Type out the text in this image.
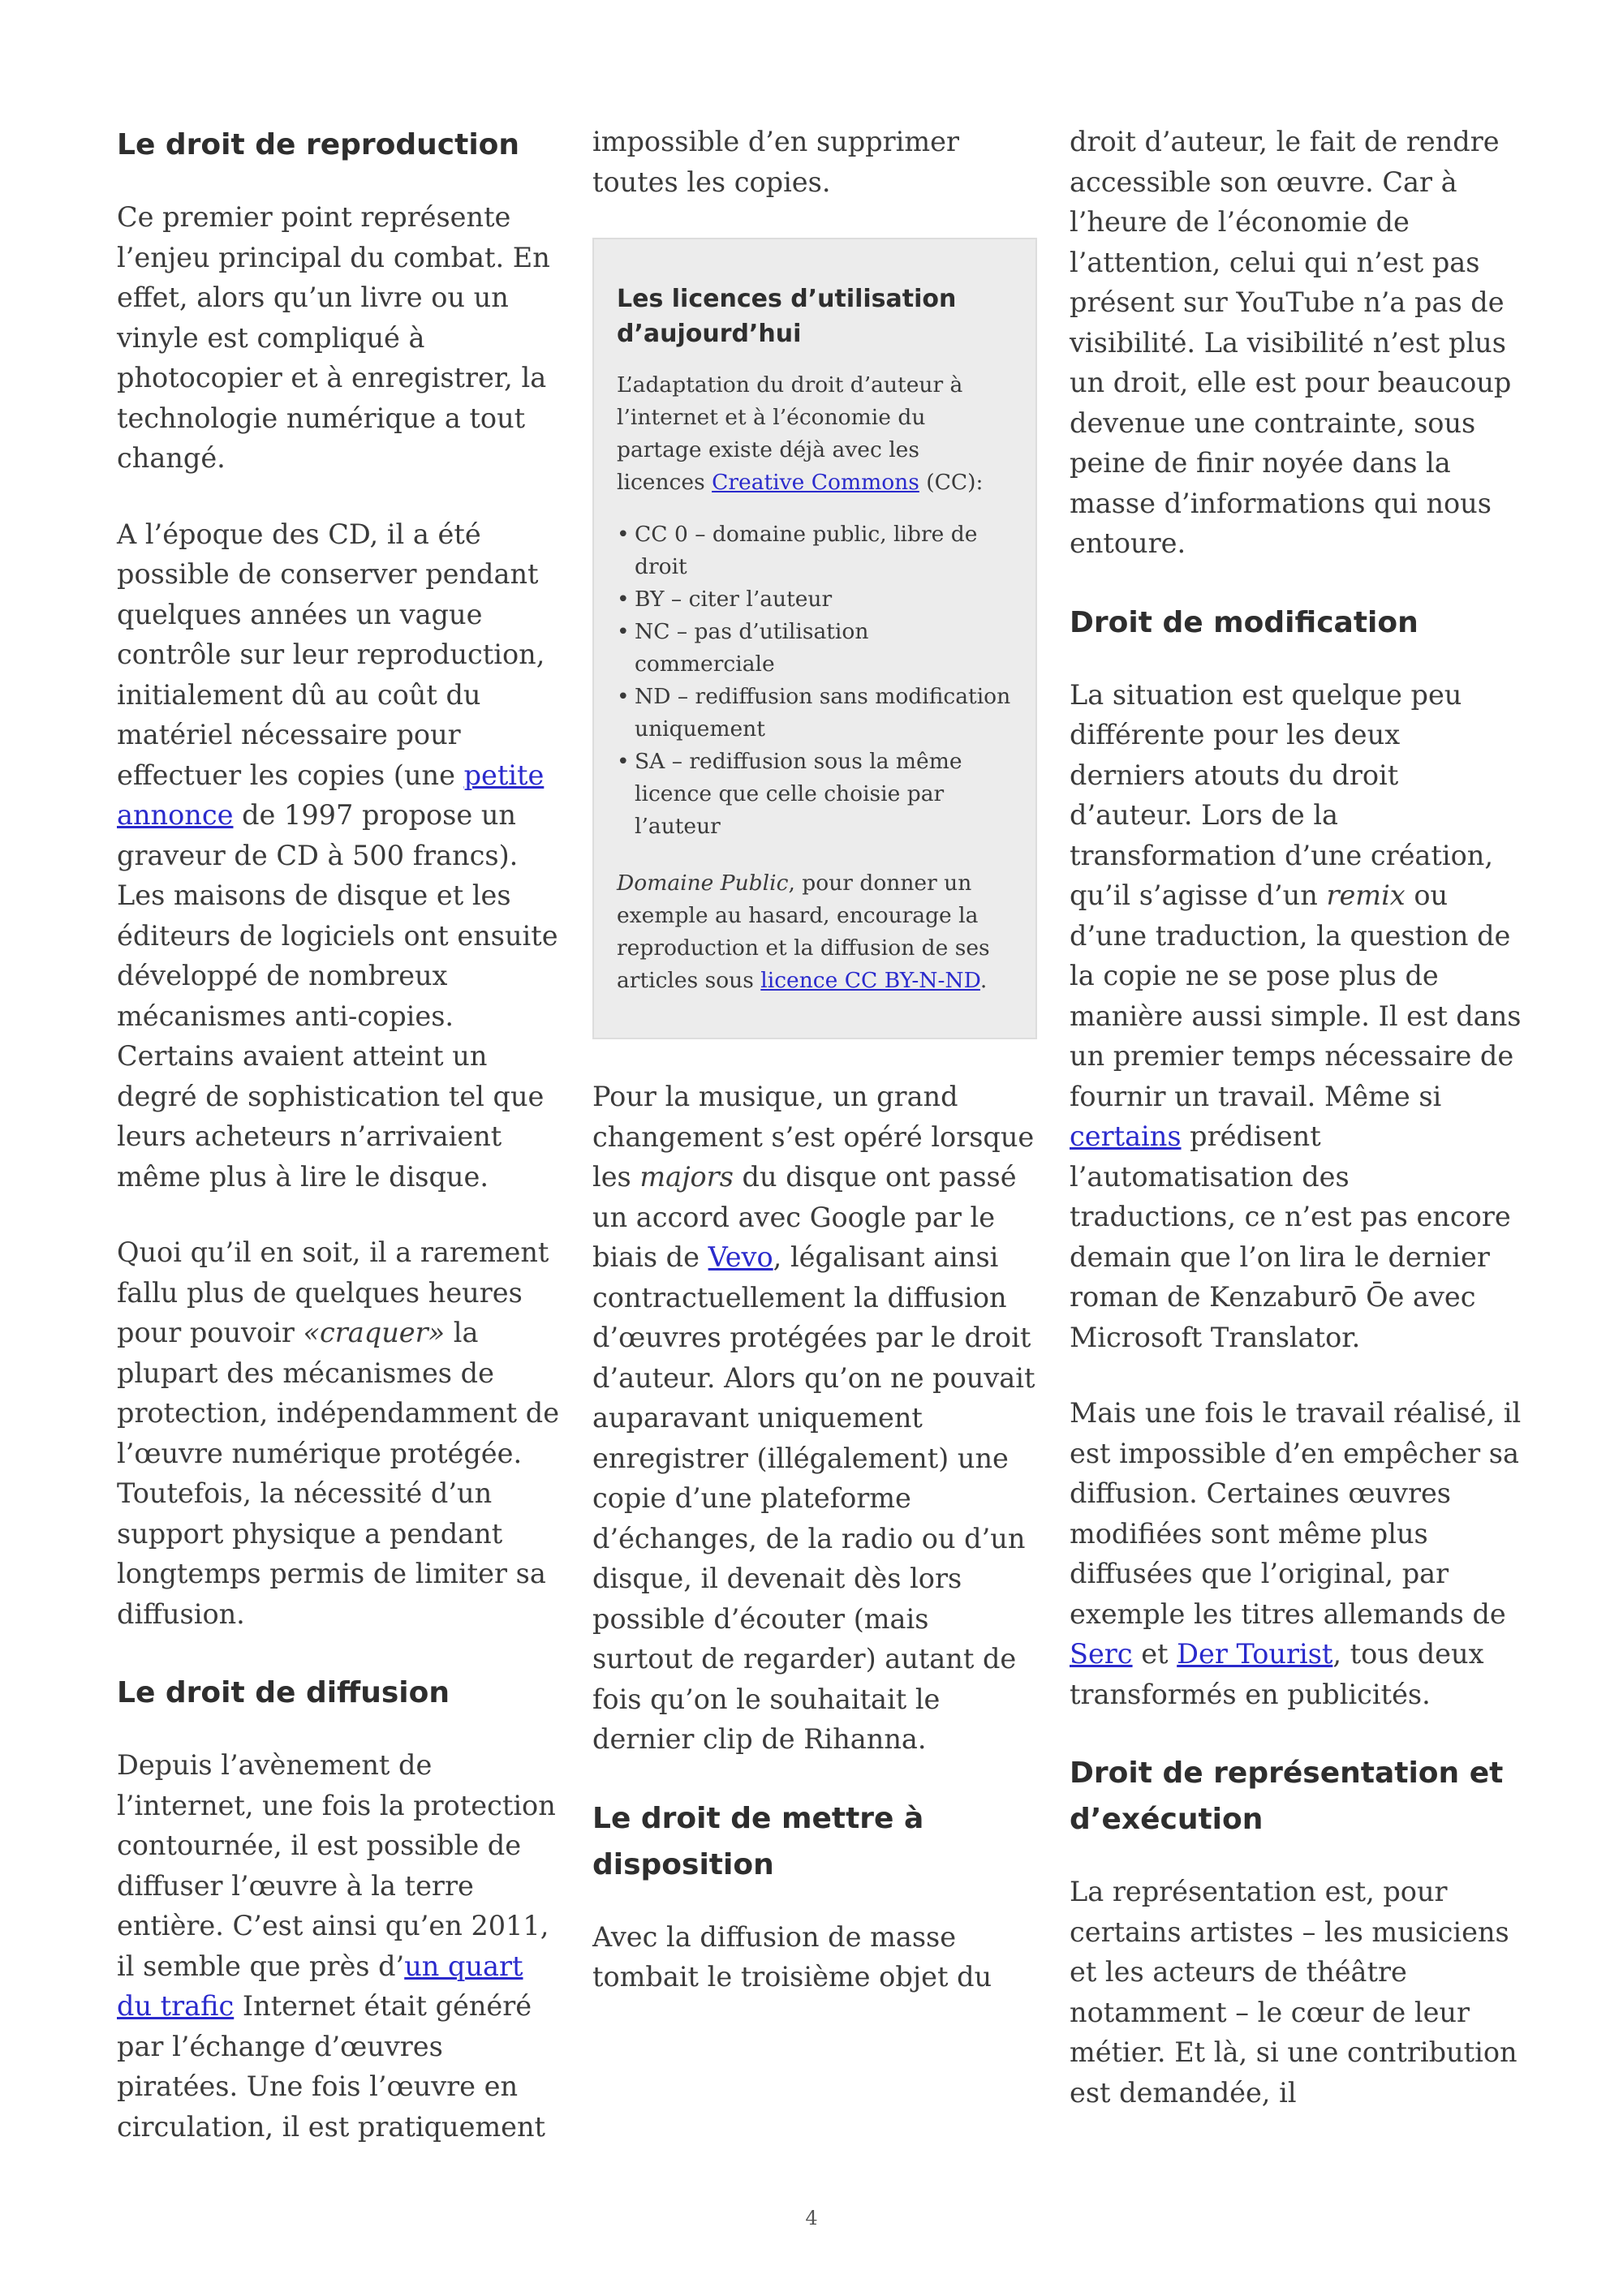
Le droit de reproduction

Ce premier point représente l’enjeu principal du combat. En effet, alors qu’un livre ou un vinyle est compliqué à photocopier et à enregistrer, la technologie numérique a tout changé.

A l’époque des CD, il a été possible de conserver pendant quelques années un vague contrôle sur leur reproduction, initialement dû au coût du matériel nécessaire pour effectuer les copies (une petite annonce de 1997 propose un graveur de CD à 500 francs). Les maisons de disque et les éditeurs de logiciels ont ensuite développé de nombreux mécanismes anti-copies. Certains avaient atteint un degré de sophistication tel que leurs acheteurs n’arrivaient même plus à lire le disque.

Quoi qu’il en soit, il a rarement fallu plus de quelques heures pour pouvoir «craquer» la plupart des mécanismes de protection, indépendamment de l’œuvre numérique protégée. Toutefois, la nécessité d’un support physique a pendant longtemps permis de limiter sa diffusion.

Le droit de diffusion

Depuis l’avènement de l’internet, une fois la protection contournée, il est possible de diffuser l’œuvre à la terre entière. C’est ainsi qu’en 2011, il semble que près d’un quart du trafic Internet était généré par l’échange d’œuvres piratées. Une fois l’œuvre en circulation, il est pratiquement

impossible d’en supprimer toutes les copies.

Les licences d’utilisation d’aujourd’hui

L’adaptation du droit d’auteur à l’internet et à l’économie du partage existe déjà avec les licences Creative Commons (CC):

• CC 0 – domaine public, libre de droit
• BY – citer l’auteur
• NC – pas d’utilisation commerciale
• ND – rediffusion sans modification uniquement
• SA – rediffusion sous la même licence que celle choisie par l’auteur

Domaine Public, pour donner un exemple au hasard, encourage la reproduction et la diffusion de ses articles sous licence CC BY-N-ND.

Pour la musique, un grand changement s’est opéré lorsque les majors du disque ont passé un accord avec Google par le biais de Vevo, légalisant ainsi contractuellement la diffusion d’œuvres protégées par le droit d’auteur. Alors qu’on ne pouvait auparavant uniquement enregistrer (illégalement) une copie d’une plateforme d’échanges, de la radio ou d’un disque, il devenait dès lors possible d’écouter (mais surtout de regarder) autant de fois qu’on le souhaitait le dernier clip de Rihanna.

Le droit de mettre à disposition

Avec la diffusion de masse tombait le troisième objet du

droit d’auteur, le fait de rendre accessible son œuvre. Car à l’heure de l’économie de l’attention, celui qui n’est pas présent sur YouTube n’a pas de visibilité. La visibilité n’est plus un droit, elle est pour beaucoup devenue une contrainte, sous peine de finir noyée dans la masse d’informations qui nous entoure.

Droit de modification

La situation est quelque peu différente pour les deux derniers atouts du droit d’auteur. Lors de la transformation d’une création, qu’il s’agisse d’un remix ou d’une traduction, la question de la copie ne se pose plus de manière aussi simple. Il est dans un premier temps nécessaire de fournir un travail. Même si certains prédisent l’automatisation des traductions, ce n’est pas encore demain que l’on lira le dernier roman de Kenzaburō Ōe avec Microsoft Translator.

Mais une fois le travail réalisé, il est impossible d’en empêcher sa diffusion. Certaines œuvres modifiées sont même plus diffusées que l’original, par exemple les titres allemands de Serc et Der Tourist, tous deux transformés en publicités.

Droit de représentation et d’exécution

La représentation est, pour certains artistes – les musiciens et les acteurs de théâtre notamment – le cœur de leur métier. Et là, si une contribution est demandée, il

4
